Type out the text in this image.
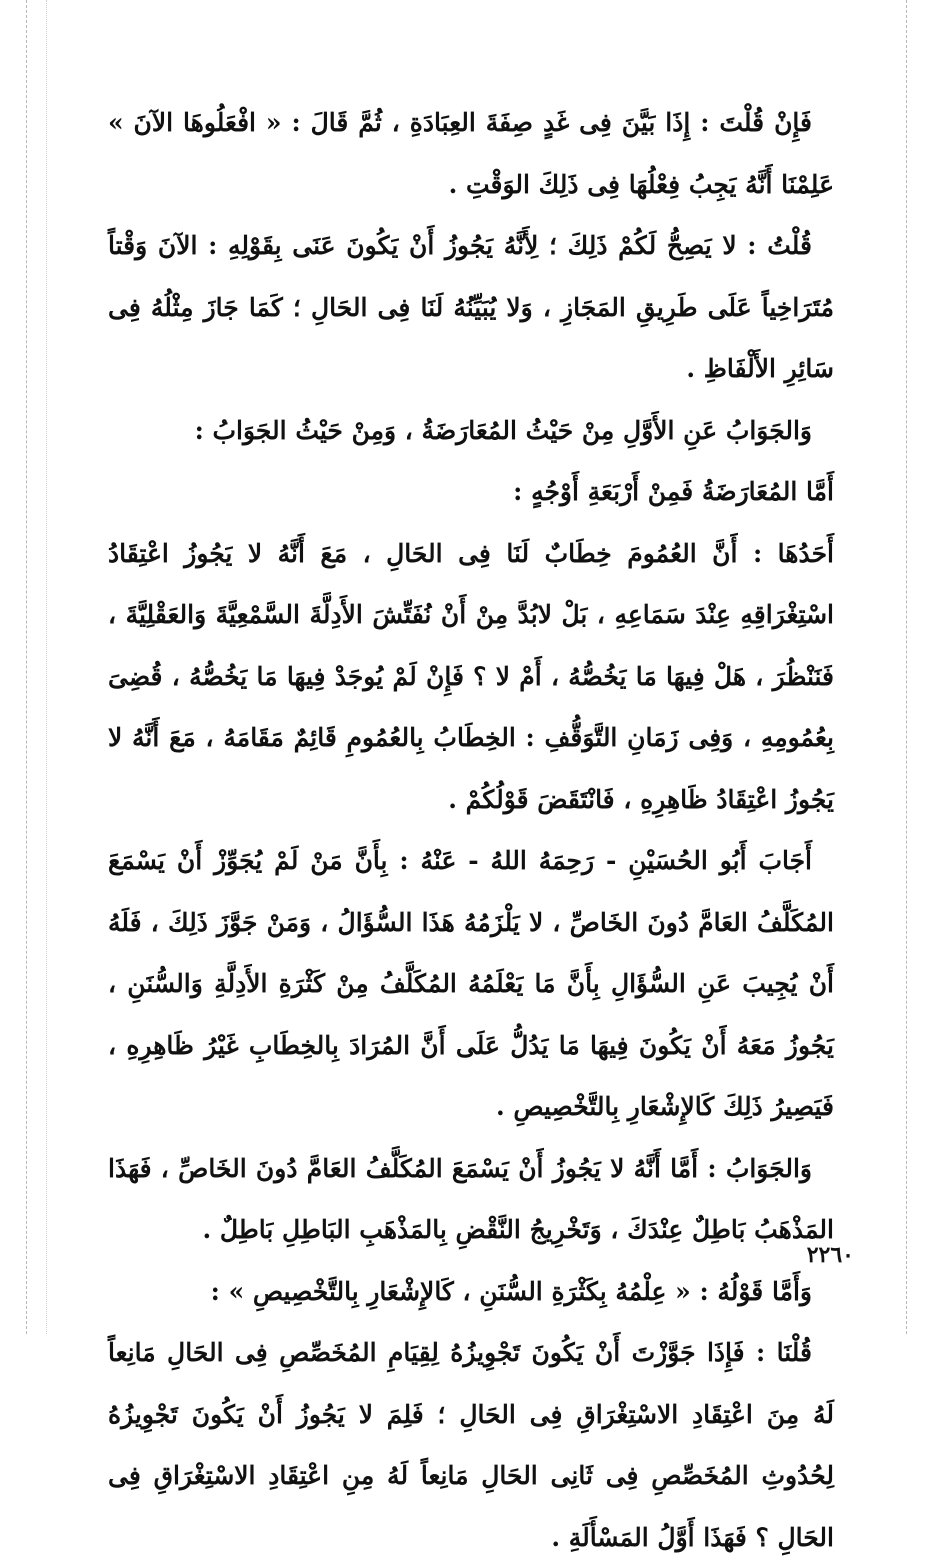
فَإِنْ قُلْتَ : إِذَا بَيَّنَ فِى غَدٍ صِفَةَ العِبَادَةِ ، ثُمَّ قَالَ : « افْعَلُوهَا الآنَ » عَلِمْنَا أَنَّهُ يَجِبُ فِعْلُهَا فِى ذَلِكَ الوَقْتِ .

قُلْتُ : لا يَصِحُّ لَكُمْ ذَلِكَ ؛ لِأَنَّهُ يَجُوزُ أَنْ يَكُونَ عَنَى بِقَوْلِهِ : الآنَ وَقْتاً مُتَرَاخِياً عَلَى طَرِيقِ المَجَازِ ، وَلا يُبَيِّنُهُ لَنَا فِى الحَالِ ؛ كَمَا جَازَ مِثْلُهُ فِى سَائِرِ الأَلْفَاظِ .

وَالجَوَابُ عَنِ الأَوَّلِ مِنْ حَيْثُ المُعَارَضَةُ ، وَمِنْ حَيْثُ الجَوَابُ :

أَمَّا المُعَارَضَةُ فَمِنْ أَرْبَعَةِ أَوْجُهٍ :

أَحَدُهَا : أَنَّ العُمُومَ خِطَابٌ لَنَا فِى الحَالِ ، مَعَ أَنَّهُ لا يَجُوزُ اعْتِقَادُ اسْتِغْرَاقِهِ عِنْدَ سَمَاعِهِ ، بَلْ لابُدَّ مِنْ أَنْ نُفَتِّشَ الأَدِلَّةَ السَّمْعِيَّةَ وَالعَقْلِيَّةَ ، فَنَنْظُرَ ، هَلْ فِيهَا مَا يَخُصُّهُ ، أَمْ لا ؟ فَإِنْ لَمْ يُوجَدْ فِيهَا مَا يَخُصُّهُ ، قُضِىَ بِعُمُومِهِ ، وَفِى زَمَانِ التَّوَقُّفِ : الخِطَابُ بِالعُمُومِ قَائِمٌ مَقَامَهُ ، مَعَ أَنَّهُ لا يَجُوزُ اعْتِقَادُ ظَاهِرِهِ ، فَانْتَقَضَ قَوْلُكُمْ .

أَجَابَ أَبُو الحُسَيْنِ - رَحِمَهُ اللهُ - عَنْهُ : بِأَنَّ مَنْ لَمْ يُجَوِّزْ أَنْ يَسْمَعَ المُكَلَّفُ العَامَّ دُونَ الخَاصِّ ، لا يَلْزَمُهُ هَذَا السُّؤَالُ ، وَمَنْ جَوَّزَ ذَلِكَ ، فَلَهُ أَنْ يُجِيبَ عَنِ السُّؤَالِ بِأَنَّ مَا يَعْلَمُهُ المُكَلَّفُ مِنْ كَثْرَةِ الأَدِلَّةِ وَالسُّنَنِ ، يَجُوزُ مَعَهُ أَنْ يَكُونَ فِيهَا مَا يَدُلُّ عَلَى أَنَّ المُرَادَ بِالخِطَابِ غَيْرُ ظَاهِرِهِ ، فَيَصِيرُ ذَلِكَ كَالإِشْعَارِ بِالتَّخْصِيصِ .

وَالجَوَابُ : أَمَّا أَنَّهُ لا يَجُوزُ أَنْ يَسْمَعَ المُكَلَّفُ العَامَّ دُونَ الخَاصِّ ، فَهَذَا المَذْهَبُ بَاطِلٌ عِنْدَكَ ، وَتَخْرِيجُ النَّقْضِ بِالمَذْهَبِ البَاطِلِ بَاطِلٌ .

وَأَمَّا قَوْلُهُ : « عِلْمُهُ بِكَثْرَةِ السُّنَنِ ، كَالإِشْعَارِ بِالتَّخْصِيصِ » :

قُلْنَا : فَإِذَا جَوَّزْتَ أَنْ يَكُونَ تَجْوِيزُهُ لِقِيَامِ المُخَصِّصِ فِى الحَالِ مَانِعاً لَهُ مِنَ اعْتِقَادِ الاسْتِغْرَاقِ فِى الحَالِ ؛ فَلِمَ لا يَجُوزُ أَنْ يَكُونَ تَجْوِيزُهُ لِحُدُوثِ المُخَصِّصِ فِى ثَانِى الحَالِ مَانِعاً لَهُ مِنِ اعْتِقَادِ الاسْتِغْرَاقِ فِى الحَالِ ؟ فَهَذَا أَوَّلُ المَسْأَلَةِ .

٢٢٦٠
